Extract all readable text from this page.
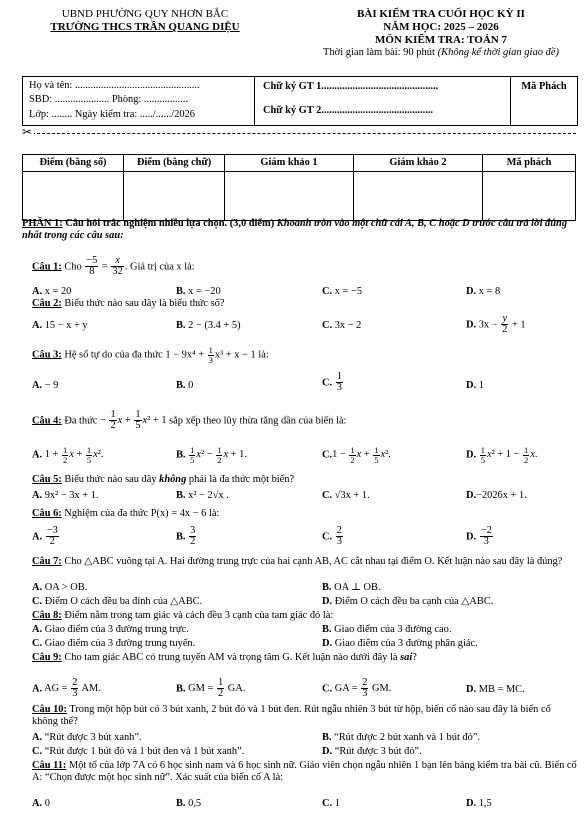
UBND PHƯỜNG QUY NHƠN BẮC
TRƯỜNG THCS TRẦN QUANG DIỆU
BÀI KIỂM TRA CUỐI HỌC KỲ II
NĂM HỌC: 2025 – 2026
MÔN KIỂM TRA: TOÁN 7
Thời gian làm bài: 90 phút (Không kể thời gian giao đề)
Họ và tên: ................................................
SBD: ..................... Phòng: .................
Lớp: ........ Ngày kiểm tra: ...../....../2026
Chữ ký GT 1.............................................
Chữ ký GT 2...........................................
Mã Phách
✂
Điểm (bằng số)	Điểm (bằng chữ)	Giám khảo 1	Giám khảo 2	Mã phách

PHẦN 1: Câu hỏi trắc nghiệm nhiều lựa chọn. (3,0 điểm) Khoanh tròn vào một chữ cái A, B, C hoặc D trước câu trả lời đúng nhất trong các câu sau:
Câu 1: Cho $\frac{-5}{8} = \frac{x}{32}$ . Giá trị của x là:
A. x = 20	B. x = −20	C. x = −5	D. x = 8
Câu 2: Biểu thức nào sau đây là biểu thức số?
A. 15 − x + y	B. 2 − (3.4 + 5)	C. 3x − 2	D. $3x - \frac{y}{2} + 1$
Câu 3: Hệ số tự do của đa thức $1 - 9x^4 + \frac{1}{3} x^3 + x - 1$ là:
A. − 9	B. 0	C. $\frac{1}{3}$	D. 1
Câu 4: Đa thức − $\frac{1}{2}$ $x + \frac{1}{5} x^2 + 1$ sắp xếp theo lũy thừa tăng dần của biến là:
A. $1 + \frac{1}{2}$ $x + \frac{1}{5} x^2$.	B. $\frac{1}{5} x^2 - \frac{1}{2}$ x + 1.	$C.1 - \frac{1}{2}$ $x + \frac{1}{5} x^2$.	D. $\frac{1}{5} x^2 + 1 - \frac{1}{2} x$.
Câu 5: Biểu thức nào sau đây không phải là đa thức một biến?
A. 9x² − 3x + 1.	B. x² − 2√x .	C. √3x + 1.	D.−2026x + 1.
Câu 6: Nghiệm của đa thức P(x) = 4x − 6 là:
A. $\frac{-3}{2}$	B. $\frac{3}{2}$	C. $\frac{2}{3}$	D. $\frac{-2}{3}$
Câu 7: Cho △ABC vuông tại A. Hai đường trung trực của hai cạnh AB, AC cắt nhau tại điểm O. Kết luận nào sau đây là đúng?
A. OA > OB.	B. OA ⊥ OB.
C. Điểm O cách đều ba đỉnh của △ABC.	D. Điểm O cách đều ba cạnh của △ABC.
Câu 8: Điểm nằm trong tam giác và cách đều 3 cạnh của tam giác đó là:
A. Giao điểm của 3 đường trung trực.	B. Giao điểm của 3 đường cao.
C. Giao điểm của 3 đường trung tuyến.	D. Giao điểm của 3 đường phân giác.
Câu 9: Cho tam giác ABC có trung tuyến AM và trọng tâm G. Kết luận nào dưới đây là sai?
A. AG = $\frac{2}{3}$ AM.	B. GM = $\frac{1}{2}$ GA.	C. GA = $\frac{2}{3}$ GM.	D. MB = MC.
Câu 10: Trong một hộp bút có 3 bút xanh, 2 bút đỏ và 1 bút đen. Rút ngẫu nhiên 3 bút từ hộp, biến cố nào sau đây là biến cố không thể?
A. “Rút được 3 bút xanh”.	B. “Rút được 2 bút xanh và 1 bút đỏ”.
C. “Rút được 1 bút đỏ và 1 bút đen và 1 bút xanh”.	D. “Rút được 3 bút đỏ”.
Câu 11: Một tổ của lớp 7A có 6 học sinh nam và 6 học sinh nữ. Giáo viên chọn ngẫu nhiên 1 bạn lên bảng kiểm tra bài cũ. Biến cố A: “Chọn được một học sinh nữ”. Xác suất của biến cố A là:
A. 0	B. 0,5	C. 1	D. 1,5
